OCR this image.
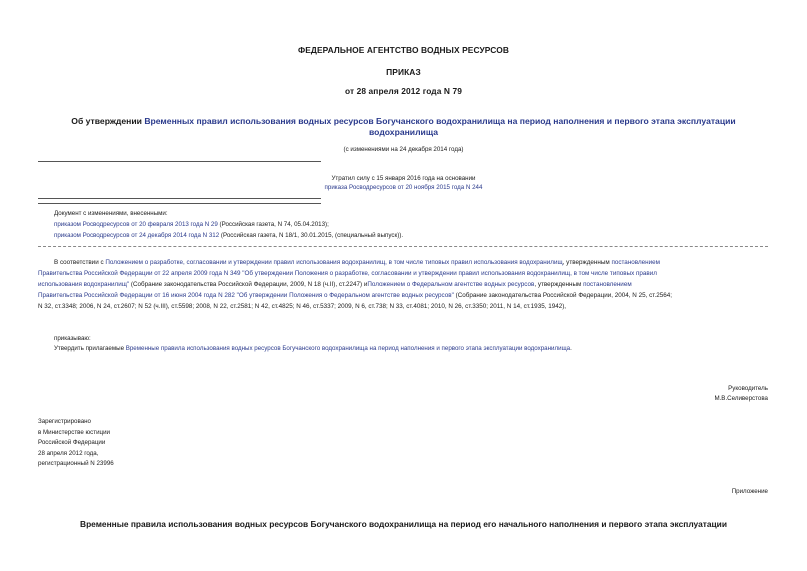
ФЕДЕРАЛЬНОЕ АГЕНТСТВО ВОДНЫХ РЕСУРСОВ
ПРИКАЗ
от 28 апреля 2012 года N 79
Об утверждении Временных правил использования водных ресурсов Богучанского водохранилища на период наполнения и первого этапа эксплуатации
водохранилища
(с изменениями на 24 декабря 2014 года)
Утратил силу с 15 января 2016 года на основании
приказа Росводресурсов от 20 ноября 2015 года N 244
Документ с изменениями, внесенными:
приказом Росводресурсов от 20 февраля 2013 года N 29 (Российская газета, N 74, 05.04.2013);
приказом Росводресурсов от 24 декабря 2014 года N 312 (Российская газета, N 18/1, 30.01.2015, (специальный выпуск)).
В соответствии с Положением о разработке, согласовании и утверждении правил использования водохранилищ, в том числе типовых правил использования водохранилищ, утвержденным постановлением
Правительства Российской Федерации от 22 апреля 2009 года N 349 "Об утверждении Положения о разработке, согласовании и утверждении правил использования водохранилищ, в том числе типовых правил
использования водохранилищ" (Собрание законодательства Российской Федерации, 2009, N 18 (ч.II), ст.2247) иПоложением о Федеральном агентстве водных ресурсов, утвержденным постановлением
Правительства Российской Федерации от 16 июня 2004 года N 282 "Об утверждении Положения о Федеральном агентстве водных ресурсов" (Собрание законодательства Российской Федерации, 2004, N 25, ст.2564;
N 32, ст.3348; 2006, N 24, ст.2607; N 52 (ч.III), ст.5598; 2008, N 22, ст.2581; N 42, ст.4825; N 46, ст.5337; 2009, N 6, ст.738; N 33, ст.4081; 2010, N 26, ст.3350; 2011, N 14, ст.1935, 1942),
приказываю:
Утвердить прилагаемые Временные правила использования водных ресурсов Богучанского водохранилища на период наполнения и первого этапа эксплуатации водохранилища.
Руководитель
М.В.Селиверстова
Зарегистрировано
в Министерстве юстиции
Российской Федерации
28 апреля 2012 года,
регистрационный N 23996
Приложение
Временные правила использования водных ресурсов Богучанского водохранилища на период его начального наполнения и первого этапа эксплуатации
